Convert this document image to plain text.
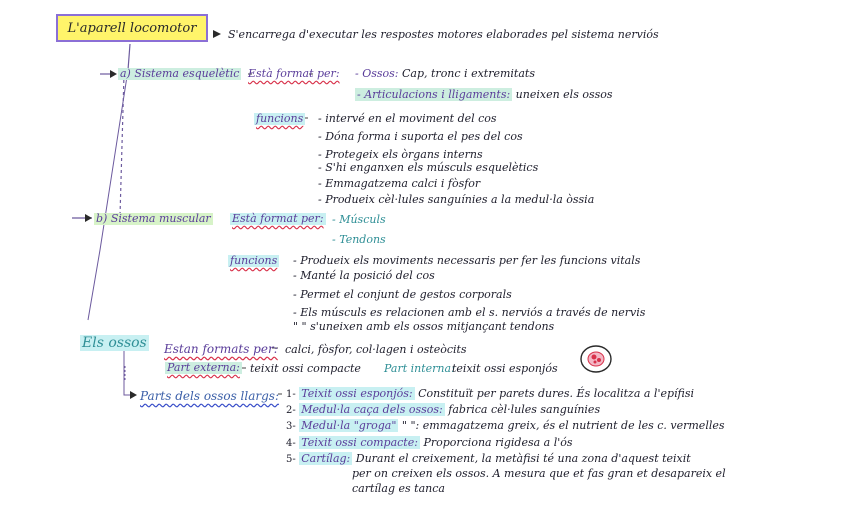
L'aparell locomotor	S'encarrega d'executar les respostes motores elaborades pel sistema nerviós
a) Sistema esquelètic Està format per: - Ossos: Cap, tronc i extremitats
- Articulacions i lligaments: uneixen els ossos
funcions - intervé en el moviment del cos
- Dóna forma i suporta el pes del cos
- Protegeix els òrgans interns
- S'hi enganxen els músculs esquelètics
- Emmagatzema calci i fòsfor
- Produeix cèl·lules sanguínies a la medul·la òssia
b) Sistema muscular Està format per: - Músculs
- Tendons
funcions - Produeix els moviments necessaris per fer les funcions vitals
- Manté la posició del cos
- Permet el conjunt de gestos corporals
- Els músculs es relacionen amb el s. nerviós a través de nervis
" " s'uneixen amb els ossos mitjançant tendons
Els ossos Estan formats per: calci, fòsfor, col·lagen i osteòcits
Part externa: teixit ossi compacte Part interna:
teixit ossi esponjós
Parts dels ossos llargs: 1- Teixit ossi esponjós: Constituït per parets dures. És localitza a l'epífisi
2- Medul·la caça dels ossos: fabrica cèl·lules sanguínies
3- Medul·la "groga" " ": emmagatzema greix, és el nutrient de les c. vermelles
4- Teixit ossi compacte: Proporciona rigidesa a l'ós
5- Cartílag: Durant el creixement, la metàfisi té una zona d'aquest teixit
per on creixen els ossos. A mesura que et fas gran et desapareix el
cartílag es tanca
